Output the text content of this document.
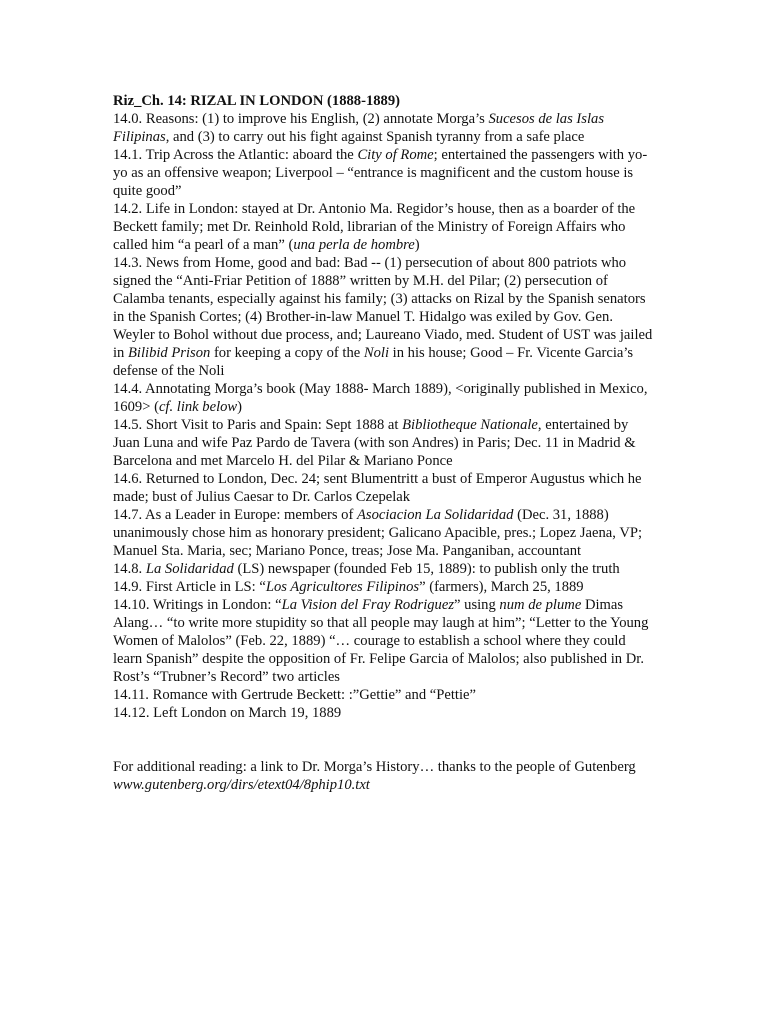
Riz_Ch. 14: RIZAL IN LONDON (1888-1889)
14.0. Reasons: (1) to improve his English, (2) annotate Morga’s Sucesos de las Islas Filipinas, and (3) to carry out his fight against Spanish tyranny from a safe place
14.1. Trip Across the Atlantic: aboard the City of Rome; entertained the passengers with yo-yo as an offensive weapon; Liverpool – “entrance is magnificent and the custom house is quite good”
14.2. Life in London: stayed at Dr. Antonio Ma. Regidor’s house, then as a boarder of the Beckett family; met Dr. Reinhold Rold, librarian of the Ministry of Foreign Affairs who called him “a pearl of a man” (una perla de hombre)
14.3. News from Home, good and bad: Bad -- (1) persecution of about 800 patriots who signed the “Anti-Friar Petition of 1888” written by M.H. del Pilar; (2) persecution of Calamba tenants, especially against his family; (3) attacks on Rizal by the Spanish senators in the Spanish Cortes; (4) Brother-in-law Manuel T. Hidalgo was exiled by Gov. Gen. Weyler to Bohol without due process, and; Laureano Viado, med. Student of UST was jailed in Bilibid Prison for keeping a copy of the Noli in his house; Good – Fr. Vicente Garcia’s defense of the Noli
14.4. Annotating Morga’s book (May 1888- March 1889), <originally published in Mexico, 1609> (cf. link below)
14.5. Short Visit to Paris and Spain: Sept 1888 at Bibliotheque Nationale, entertained by Juan Luna and wife Paz Pardo de Tavera (with son Andres) in Paris; Dec. 11 in Madrid & Barcelona and met Marcelo H. del Pilar & Mariano Ponce
14.6. Returned to London, Dec. 24; sent Blumentritt a bust of Emperor Augustus which he made; bust of Julius Caesar to Dr. Carlos Czepelak
14.7. As a Leader in Europe: members of Asociacion La Solidaridad (Dec. 31, 1888) unanimously chose him as honorary president; Galicano Apacible, pres.; Lopez Jaena, VP; Manuel Sta. Maria, sec; Mariano Ponce, treas; Jose Ma. Panganiban, accountant
14.8. La Solidaridad (LS) newspaper (founded Feb 15, 1889): to publish only the truth
14.9. First Article in LS: “Los Agricultores Filipinos” (farmers), March 25, 1889
14.10. Writings in London: “La Vision del Fray Rodriguez” using num de plume Dimas Alang… “to write more stupidity so that all people may laugh at him”; “Letter to the Young Women of Malolos” (Feb. 22, 1889) “… courage to establish a school where they could learn Spanish” despite the opposition of Fr. Felipe Garcia of Malolos; also published in Dr. Rost’s “Trubner’s Record” two articles
14.11. Romance with Gertrude Beckett: :”Gettie” and “Pettie”
14.12. Left London on March 19, 1889
For additional reading: a link to Dr. Morga’s History… thanks to the people of Gutenberg
www.gutenberg.org/dirs/etext04/8phip10.txt
